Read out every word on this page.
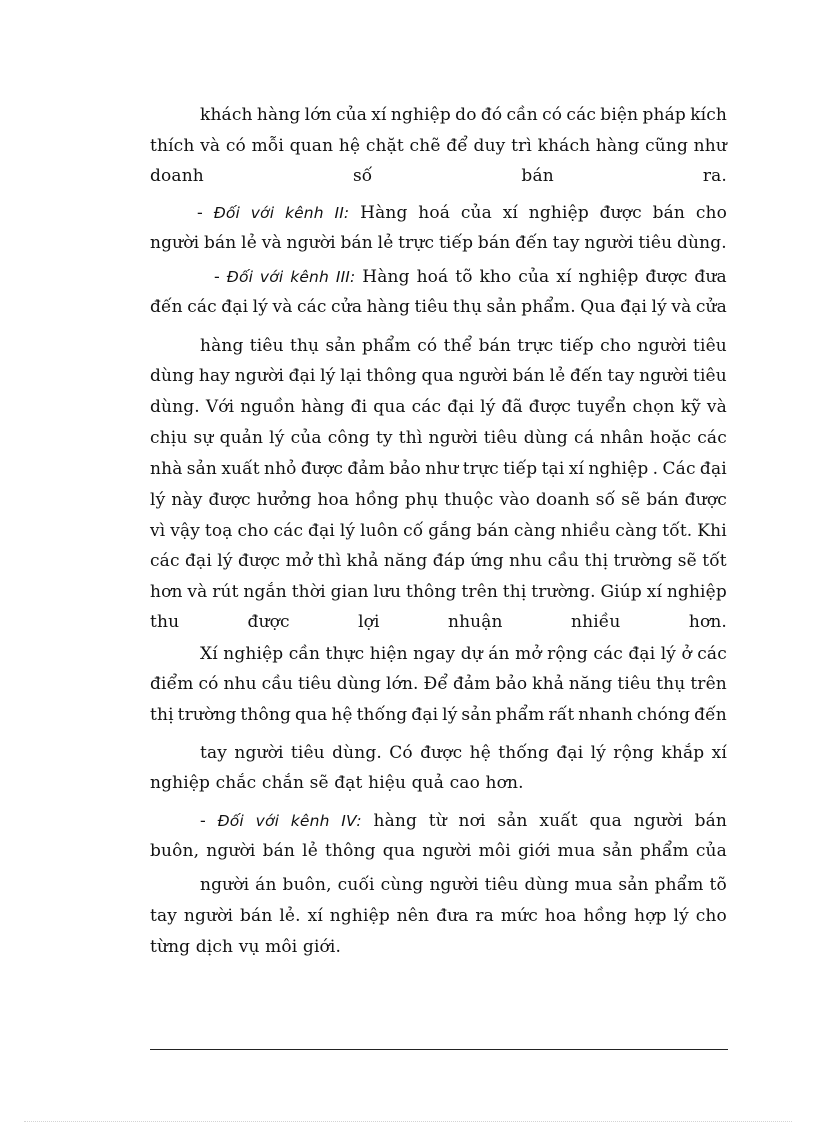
khách hàng lớn của xí nghiệp do đó cần có các biện pháp kích
thích và có mỗi quan hệ chặt chẽ để duy trì khách hàng cũng như
doanh	số	bán	ra.
- Đối với kênh II: Hàng hoá của xí nghiệp được bán cho
người bán lẻ và người bán lẻ trực tiếp bán đến tay người tiêu dùng.
- Đối với kênh III: Hàng hoá tõ kho của xí nghiệp được đưa
đến các đại lý và các cửa hàng tiêu thụ sản phẩm. Qua đại lý và cửa
hàng tiêu thụ sản phẩm có thể bán trực tiếp cho người tiêu
dùng hay người đại lý lại thông qua người bán lẻ đến tay người tiêu
dùng. Với nguồn hàng đi qua các đại lý đã được tuyển chọn kỹ và
chịu sự quản lý của công ty thì người tiêu dùng cá nhân hoặc các
nhà sản xuất nhỏ được đảm bảo như trực tiếp tại xí nghiệp . Các đại
lý này được hưởng hoa hồng phụ thuộc vào doanh số sẽ bán được
vì vậy toạ cho các đại lý luôn cố gắng bán càng nhiều càng tốt. Khi
các đại lý được mở thì khả năng đáp ứng nhu cầu thị trường sẽ tốt
hơn và rút ngắn thời gian lưu thông trên thị trường. Giúp xí nghiệp
thu	được	lợi	nhuận	nhiều	hơn.
Xí nghiệp cần thực hiện ngay dự án mở rộng các đại lý ở các
điểm có nhu cầu tiêu dùng lớn. Để đảm bảo khả năng tiêu thụ trên
thị trường thông qua hệ thống đại lý sản phẩm rất nhanh chóng đến
tay người tiêu dùng. Có được hệ thống đại lý rộng khắp xí
nghiệp chắc chắn sẽ đạt hiệu quả cao hơn.
- Đối với kênh IV: hàng từ nơi sản xuất qua người bán
buôn, người bán lẻ thông qua người môi giới mua sản phẩm của
người án buôn, cuối cùng người tiêu dùng mua sản phẩm tõ
tay người bán lẻ. xí nghiệp nên đưa ra mức hoa hồng hợp lý cho
từng dịch vụ môi giới.
